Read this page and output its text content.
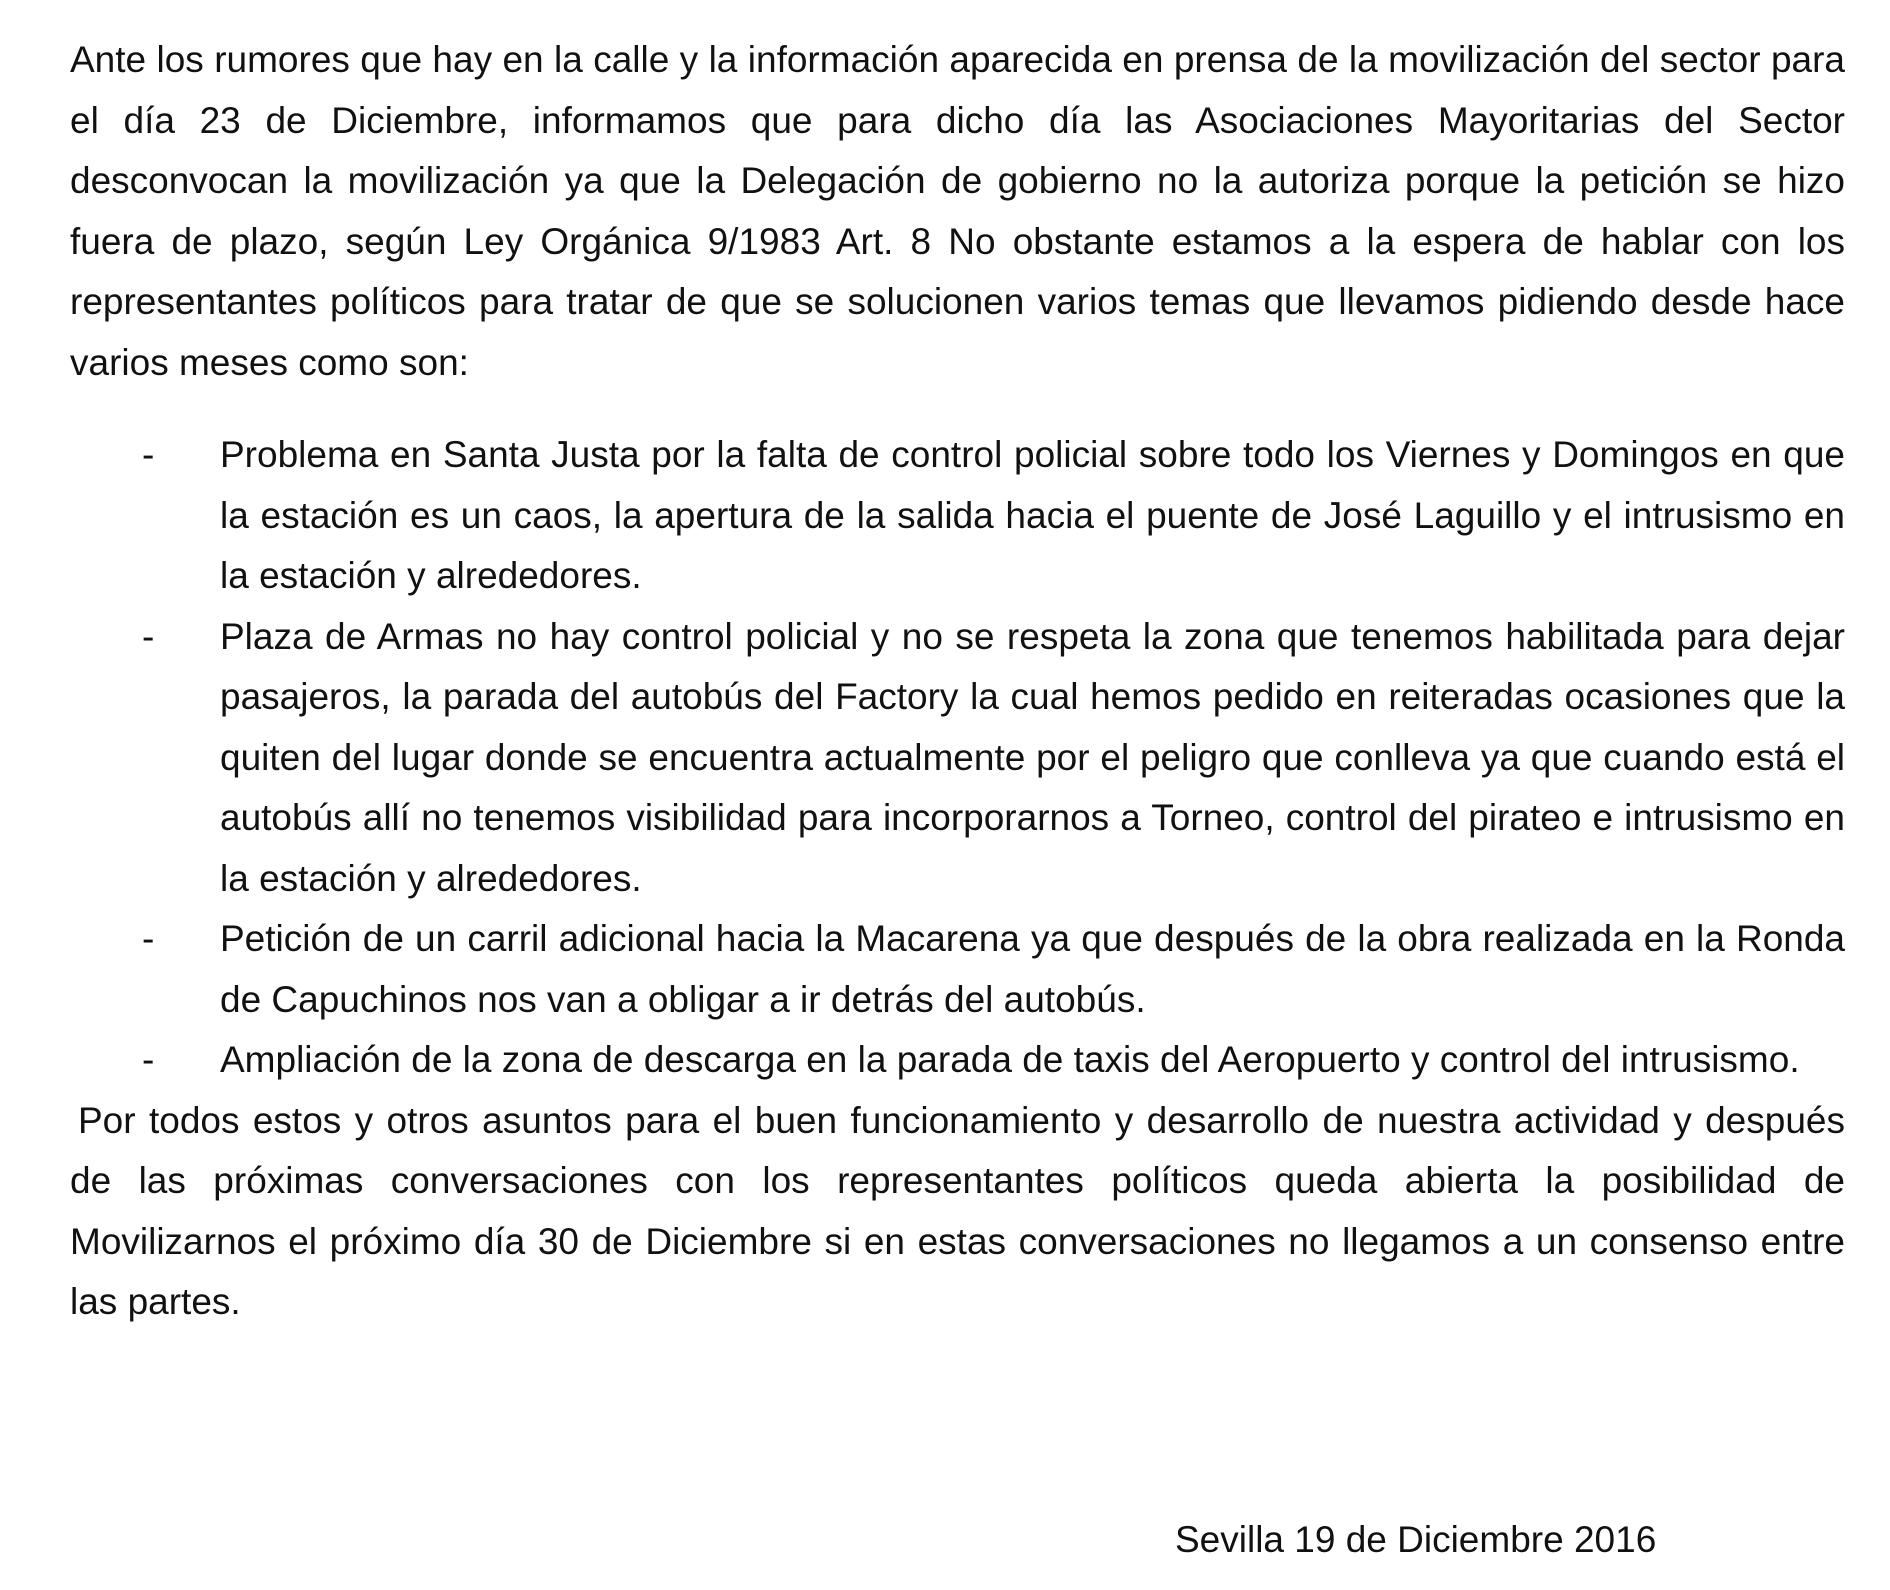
Ante los rumores que hay en la calle y la información aparecida en prensa de la movilización del sector para el día 23 de Diciembre, informamos que para dicho día las Asociaciones Mayoritarias del Sector desconvocan la movilización ya que la Delegación de gobierno no la autoriza porque la petición se hizo fuera de plazo, según Ley Orgánica 9/1983 Art. 8 No obstante estamos a la espera de hablar con los representantes políticos para tratar de que se solucionen varios temas que llevamos pidiendo desde hace varios meses como son:

-	Problema en Santa Justa por la falta de control policial sobre todo los Viernes y Domingos en que la estación es un caos, la apertura de la salida hacia el puente de José Laguillo y el intrusismo en la estación y alrededores.
-	Plaza de Armas no hay control policial y no se respeta la zona que tenemos habilitada para dejar pasajeros, la parada del autobús del Factory la cual hemos pedido en reiteradas ocasiones que la quiten del lugar donde se encuentra actualmente por el peligro que conlleva ya que cuando está el autobús allí no tenemos visibilidad para incorporarnos a Torneo, control del pirateo e intrusismo en la estación y alrededores.
-	Petición de un carril adicional hacia la Macarena ya que después de la obra realizada en la Ronda de Capuchinos nos van a obligar a ir detrás del autobús.
-	Ampliación de la zona de descarga en la parada de taxis del Aeropuerto y control del intrusismo.

Por todos estos y otros asuntos para el buen funcionamiento y desarrollo de nuestra actividad y después de las próximas conversaciones con los representantes políticos queda abierta la posibilidad de Movilizarnos el próximo día 30 de Diciembre si en estas conversaciones no llegamos a un consenso entre las partes.

Sevilla 19 de Diciembre 2016
